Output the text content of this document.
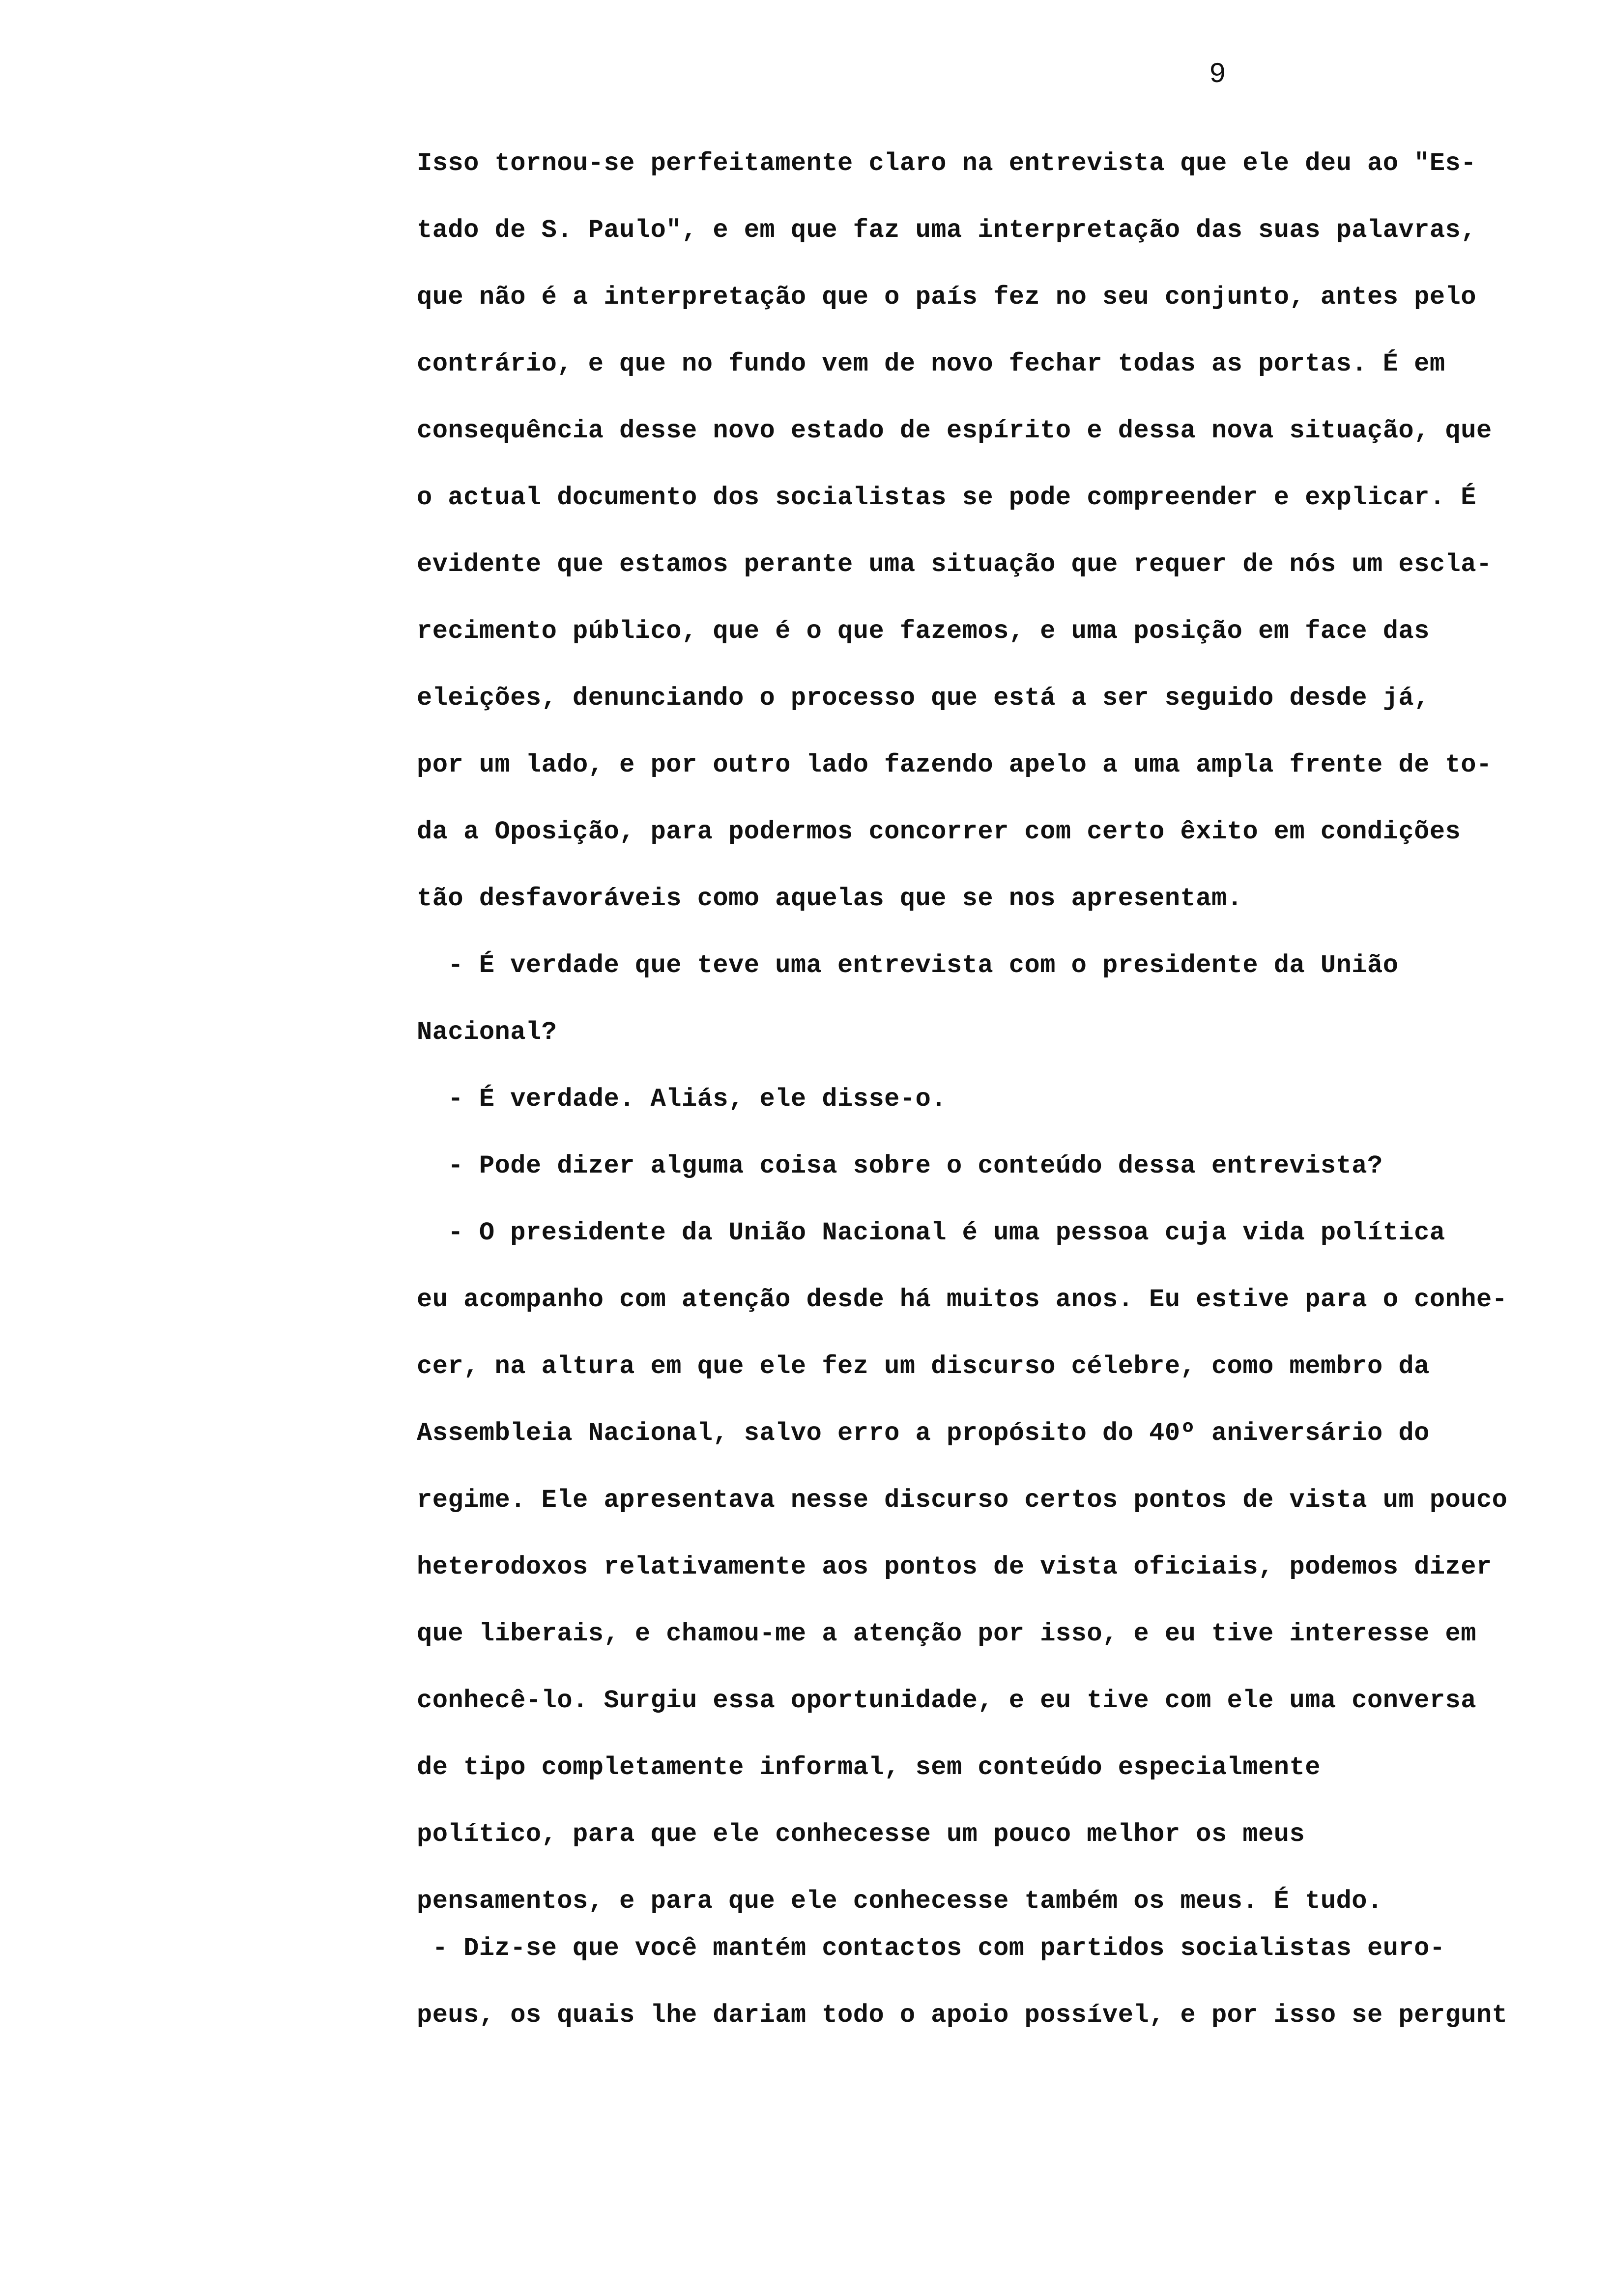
9
Isso tornou-se perfeitamente claro na entrevista que ele deu ao "Es-
tado de S. Paulo", e em que faz uma interpretação das suas palavras,
que não é a interpretação que o país fez no seu conjunto, antes pelo
contrário, e que no fundo vem de novo fechar todas as portas. É em
consequência desse novo estado de espírito e dessa nova situação, que
o actual documento dos socialistas se pode compreender e explicar. É
evidente que estamos perante uma situação que requer de nós um escla-
recimento público, que é o que fazemos, e uma posição em face das
eleições, denunciando o processo que está a ser seguido desde já,
por um lado, e por outro lado fazendo apelo a uma ampla frente de to-
da a Oposição, para podermos concorrer com certo êxito em condições
tão desfavoráveis como aquelas que se nos apresentam.
- É verdade que teve uma entrevista com o presidente da União
Nacional?
- É verdade. Aliás, ele disse-o.
- Pode dizer alguma coisa sobre o conteúdo dessa entrevista?
- O presidente da União Nacional é uma pessoa cuja vida política
eu acompanho com atenção desde há muitos anos. Eu estive para o conhe-
cer, na altura em que ele fez um discurso célebre, como membro da
Assembleia Nacional, salvo erro a propósito do 40º aniversário do
regime. Ele apresentava nesse discurso certos pontos de vista um pouco
heterodoxos relativamente aos pontos de vista oficiais, podemos dizer
que liberais, e chamou-me a atenção por isso, e eu tive interesse em
conhecê-lo. Surgiu essa oportunidade, e eu tive com ele uma conversa
de tipo completamente informal, sem conteúdo especialmente
político, para que ele conhecesse um pouco melhor os meus
pensamentos, e para que ele conhecesse também os meus. É tudo.
- Diz-se que você mantém contactos com partidos socialistas euro-
peus, os quais lhe dariam todo o apoio possível, e por isso se pergunt
